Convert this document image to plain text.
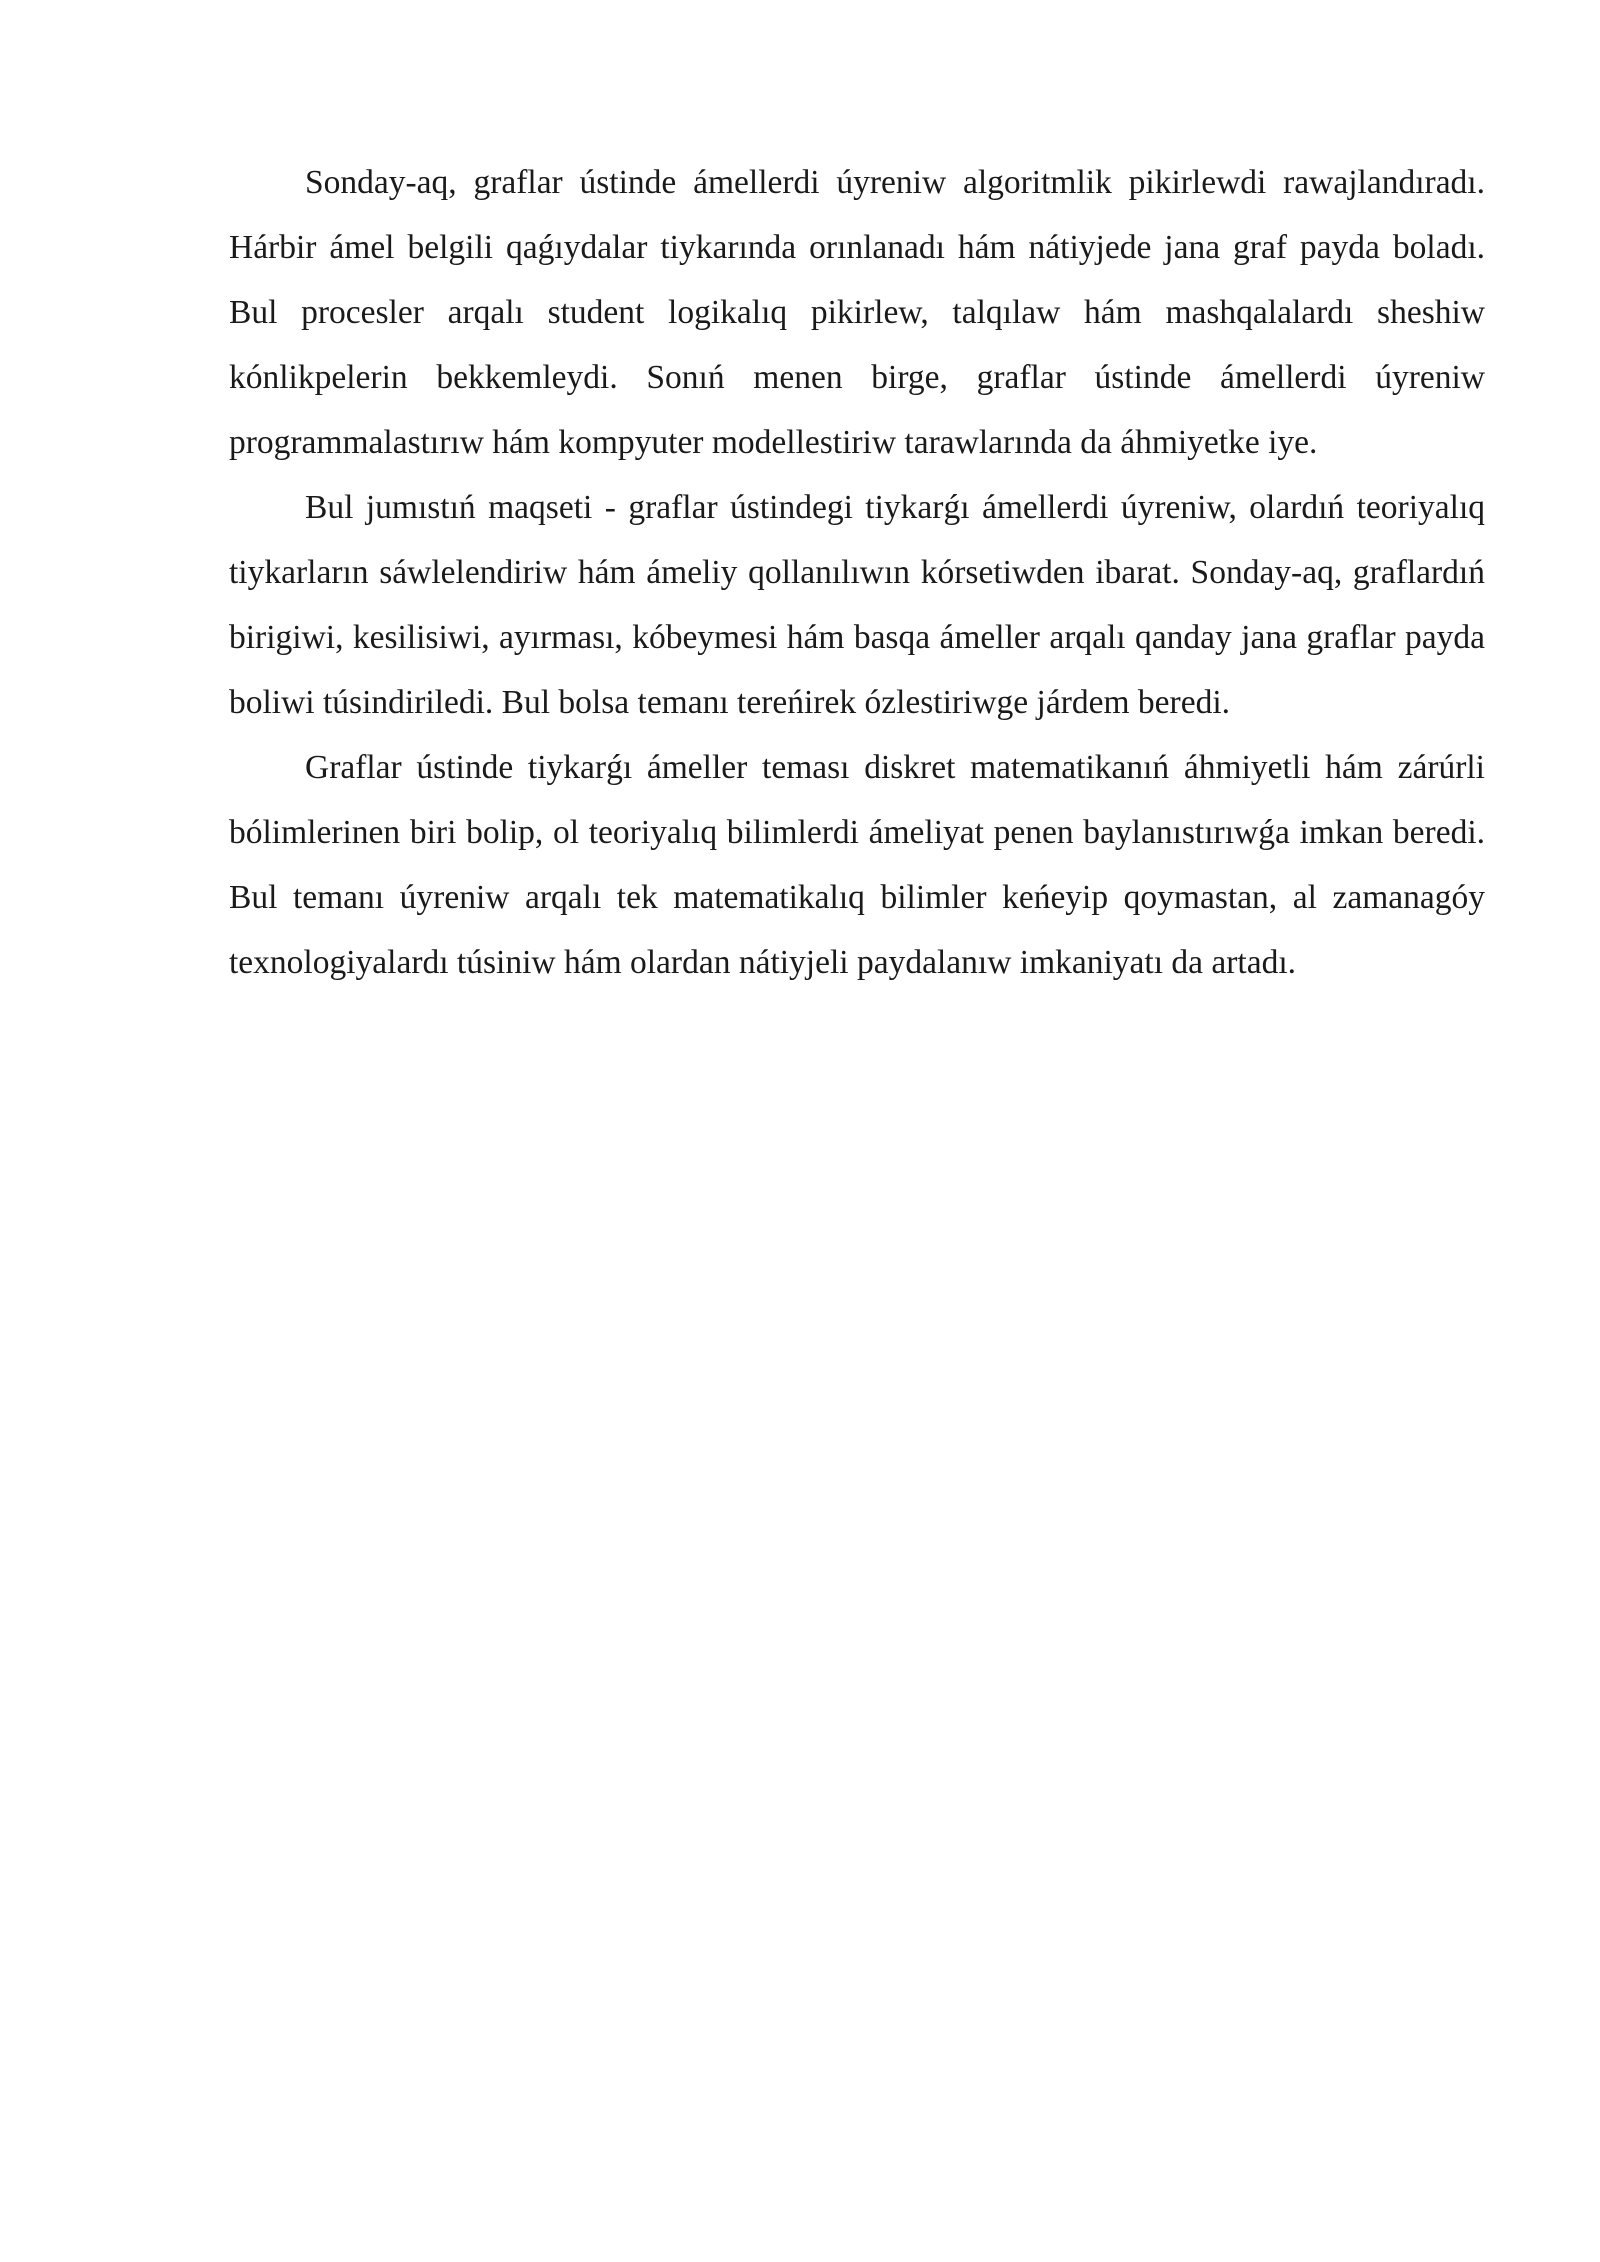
Sonday-aq, graflar ústinde ámellerdi úyreniw algoritmlik pikirlewdi rawajlandıradı. Hárbir ámel belgili qaǵıydalar tiykarında orınlanadı hám nátiyjede jana graf payda boladı. Bul procesler arqalı student logikalıq pikirlew, talqılaw hám mashqalalardı sheshiw kónlikpelerin bekkemleydi. Sonıń menen birge, graflar ústinde ámellerdi úyreniw programmalastırıw hám kompyuter modellestiriw tarawlarında da áhmiyetke iye.

Bul jumıstıń maqseti - graflar ústindegi tiykarǵı ámellerdi úyreniw, olardıń teoriyalıq tiykarların sáwlelendiriw hám ámeliy qollanılıwın kórsetiwden ibarat. Sonday-aq, graflardıń birigiwi, kesilisiwi, ayırması, kóbeymesi hám basqa ámeller arqalı qanday jana graflar payda boliwi túsindiriledi. Bul bolsa temanı tereńirek ózlestiriwge járdem beredi.

Graflar ústinde tiykarǵı ámeller teması diskret matematikanıń áhmiyetli hám zárúrli bólimlerinen biri bolip, ol teoriyalıq bilimlerdi ámeliyat penen baylanıstırıwǵa imkan beredi. Bul temanı úyreniw arqalı tek matematikalıq bilimler keńeyip qoymastan, al zamanagóy texnologiyalardı túsiniw hám olardan nátiyjeli paydalanıw imkaniyatı da artadı.
